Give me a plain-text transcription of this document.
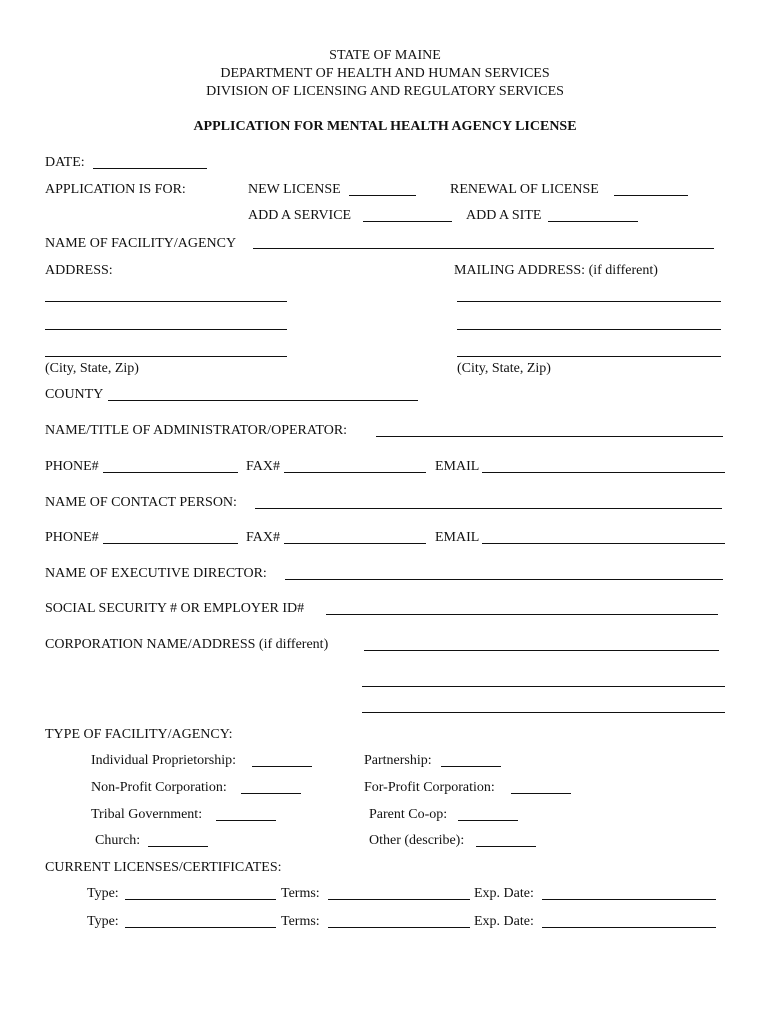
STATE OF MAINE
DEPARTMENT OF HEALTH AND HUMAN SERVICES
DIVISION OF LICENSING AND REGULATORY SERVICES
APPLICATION FOR MENTAL HEALTH AGENCY LICENSE
DATE:
APPLICATION IS FOR:	NEW LICENSE	RENEWAL OF LICENSE
ADD A SERVICE	ADD A SITE
NAME OF FACILITY/AGENCY
ADDRESS:	MAILING ADDRESS: (if different)
(City, State, Zip)	(City, State, Zip)
COUNTY
NAME/TITLE OF ADMINISTRATOR/OPERATOR:
PHONE#	FAX#	EMAIL
NAME OF CONTACT PERSON:
PHONE#	FAX#	EMAIL
NAME OF EXECUTIVE DIRECTOR:
SOCIAL SECURITY # OR EMPLOYER ID#
CORPORATION NAME/ADDRESS (if different)
TYPE OF FACILITY/AGENCY:
Individual Proprietorship:	Partnership:
Non-Profit Corporation:	For-Profit Corporation:
Tribal Government:	Parent Co-op:
Church:	Other (describe):
CURRENT LICENSES/CERTIFICATES:
Type:	Terms:	Exp. Date:
Type:	Terms:	Exp. Date:
